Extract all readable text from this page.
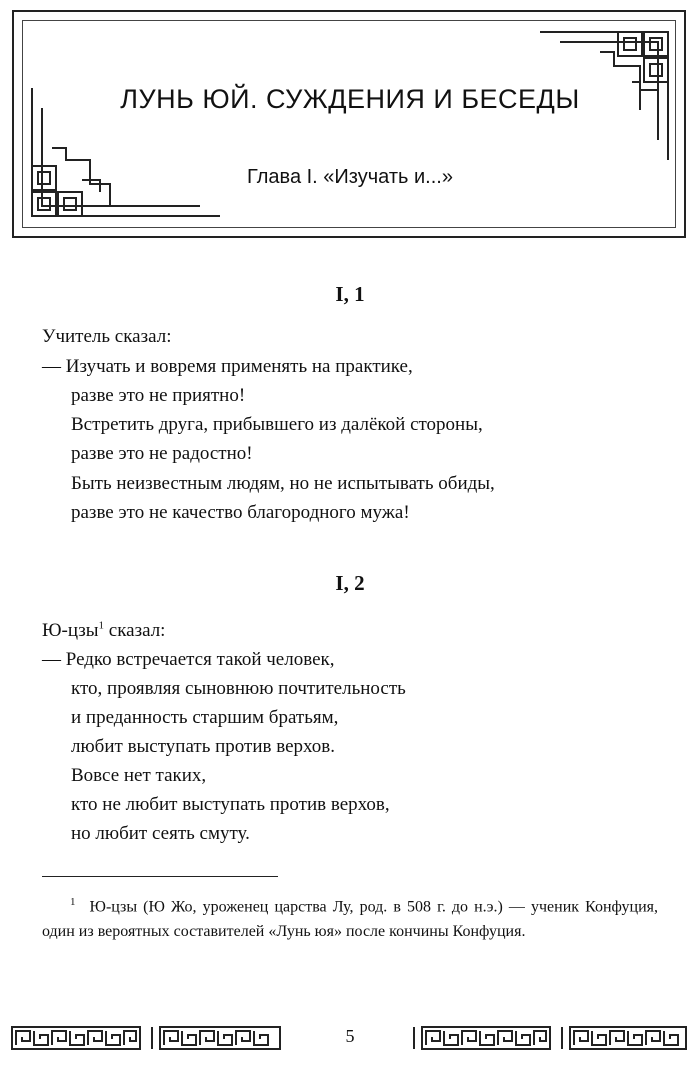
ЛУНЬ ЮЙ. СУЖДЕНИЯ И БЕСЕДЫ
Глава I. «Изучать и...»
I, 1
Учитель сказал:
— Изучать и вовремя применять на практике,
разве это не приятно!
Встретить друга, прибывшего из далёкой стороны,
разве это не радостно!
Быть неизвестным людям, но не испытывать обиды,
разве это не качество благородного мужа!
I, 2
Ю-цзы$^1$ сказал:
— Редко встречается такой человек,
кто, проявляя сыновнюю почтительность
и преданность старшим братьям,
любит выступать против верхов.
Вовсе нет таких,
кто не любит выступать против верхов,
но любит сеять смуту.
$^1$ Ю-цзы (Ю Жо, уроженец царства Лу, род. в 508 г. до н.э.) — ученик Конфуция, один из вероятных составителей «Лунь юя» после кончины Конфуция.
5
